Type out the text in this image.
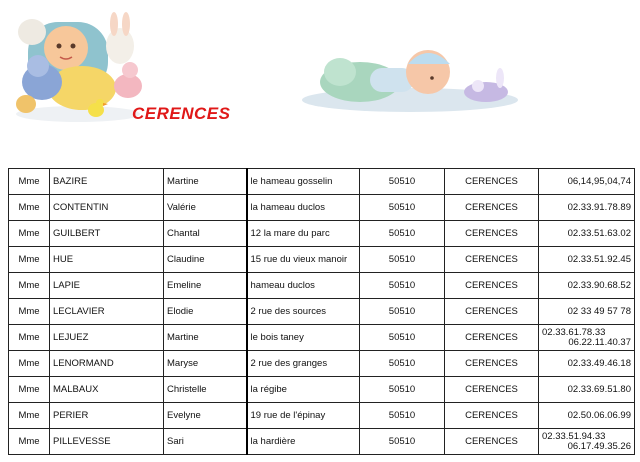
CERENCES
Mme	BAZIRE	Martine	le hameau gosselin	50510	CERENCES	06,14,95,04,74
Mme	CONTENTIN	Valérie	la hameau duclos	50510	CERENCES	02.33.91.78.89
Mme	GUILBERT	Chantal	12 la mare du parc	50510	CERENCES	02.33.51.63.02
Mme	HUE	Claudine	15 rue du vieux manoir	50510	CERENCES	02.33.51.92.45
Mme	LAPIE	Emeline	hameau duclos	50510	CERENCES	02.33.90.68.52
Mme	LECLAVIER	Elodie	2 rue des sources	50510	CERENCES	02 33 49 57 78
Mme	LEJUEZ	Martine	le bois taney	50510	CERENCES	02.33.61.78.33
06.22.11.40.37

Mme	LENORMAND	Maryse	2 rue des granges	50510	CERENCES	02.33.49.46.18
Mme	MALBAUX	Christelle	la régibe	50510	CERENCES	02.33.69.51.80
Mme	PERIER	Evelyne	19 rue de l'épinay	50510	CERENCES	02.50.06.06.99
Mme	PILLEVESSE	Sari	la hardière	50510	CERENCES	02.33.51.94.33
06.17.49.35.26
